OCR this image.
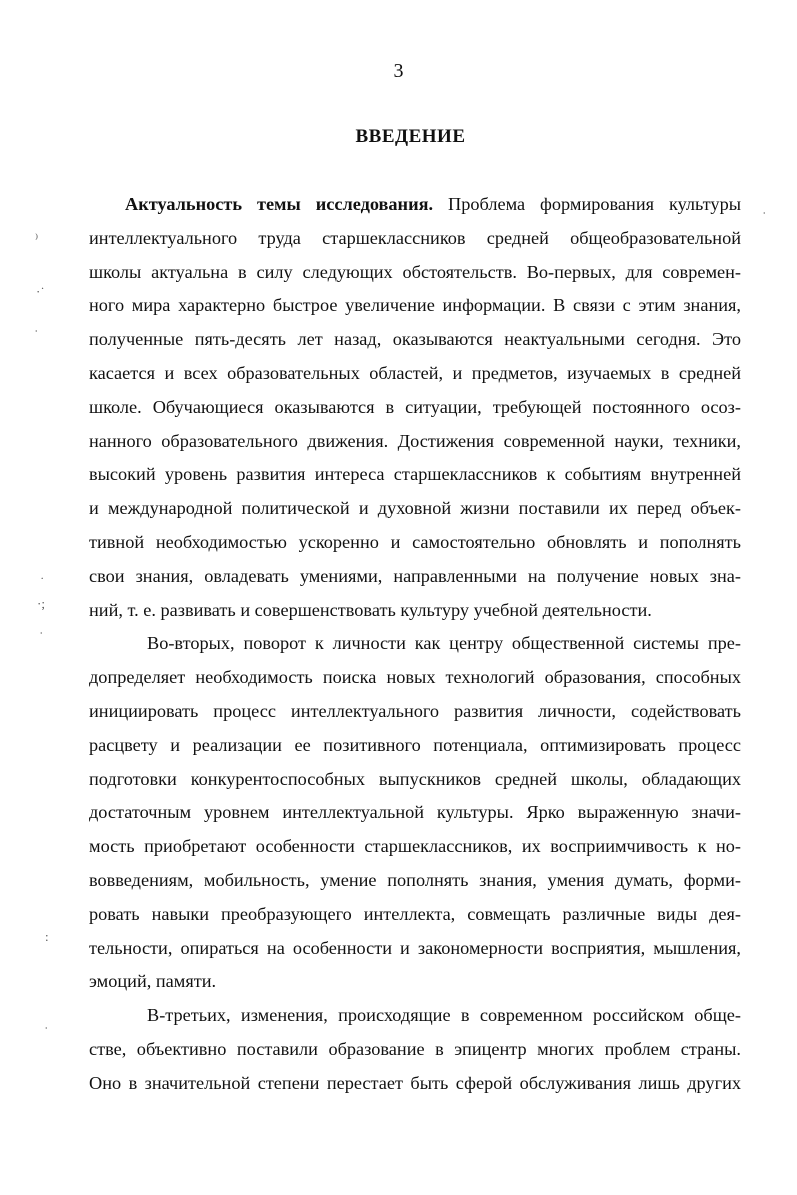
3
ВВЕДЕНИЕ
Актуальность темы исследования. Проблема формирования культуры
интеллектуального труда старшеклассников средней общеобразовательной
школы актуальна в силу следующих обстоятельств. Во-первых, для современ-
ного мира характерно быстрое увеличение информации. В связи с этим знания,
полученные пять-десять лет назад, оказываются неактуальными сегодня. Это
касается и всех образовательных областей, и предметов, изучаемых в средней
школе. Обучающиеся оказываются в ситуации, требующей постоянного осоз-
нанного образовательного движения. Достижения современной науки, техники,
высокий уровень развития интереса старшеклассников к событиям внутренней
и международной политической и духовной жизни поставили их перед объек-
тивной необходимостью ускоренно и самостоятельно обновлять и пополнять
свои знания, овладевать умениями, направленными на получение новых зна-
ний, т. е. развивать и совершенствовать культуру учебной деятельности.
Во-вторых, поворот к личности как центру общественной системы пре-
допределяет необходимость поиска новых технологий образования, способных
инициировать процесс интеллектуального развития личности, содействовать
расцвету и реализации ее позитивного потенциала, оптимизировать процесс
подготовки конкурентоспособных выпускников средней школы, обладающих
достаточным уровнем интеллектуальной культуры. Ярко выраженную значи-
мость приобретают особенности старшеклассников, их восприимчивость к но-
вовведениям, мобильность, умение пополнять знания, умения думать, форми-
ровать навыки преобразующего интеллекта, совмещать различные виды дея-
тельности, опираться на особенности и закономерности восприятия, мышления,
эмоций, памяти.
В-третьих, изменения, происходящие в современном российском обще-
стве, объективно поставили образование в эпицентр многих проблем страны.
Оно в значительной степени перестает быть сферой обслуживания лишь других
⁾
·˙
ˌ
˙
·;
ˌ
:
ˌ
ˌ
